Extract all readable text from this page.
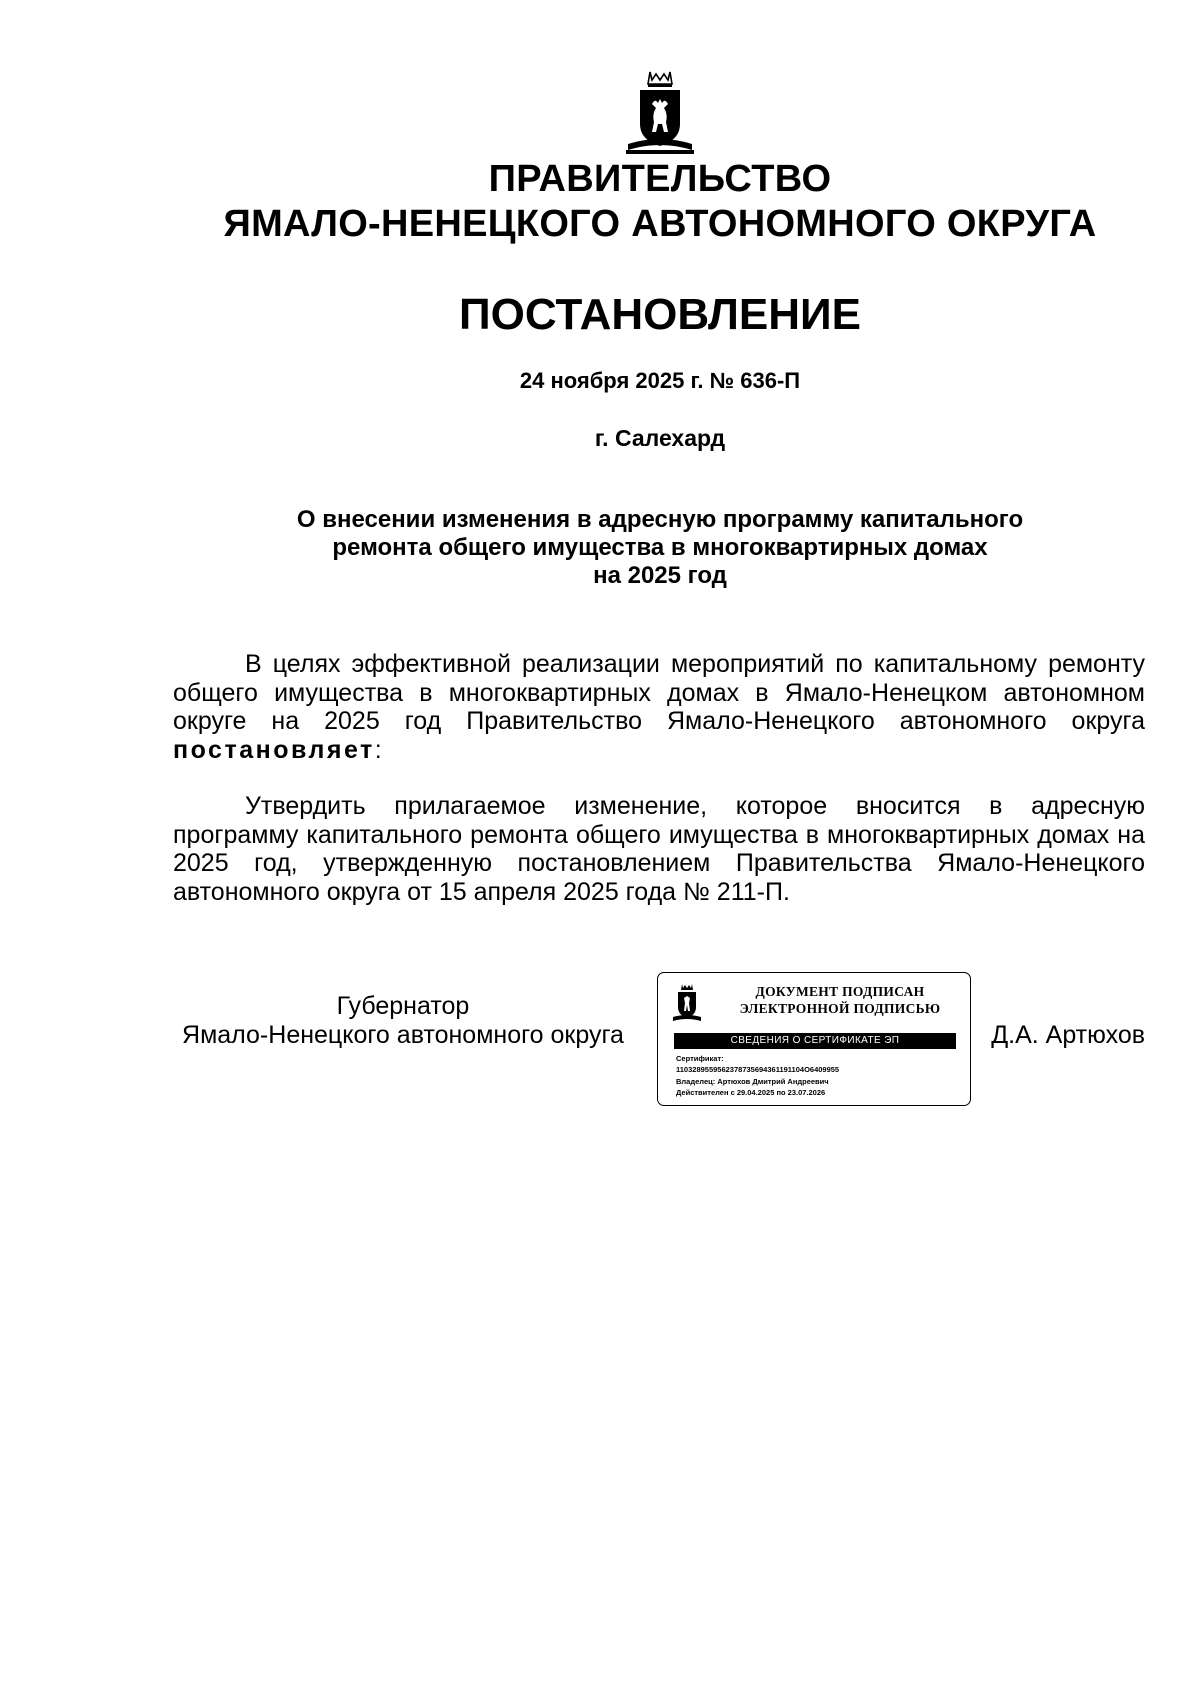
ПРАВИТЕЛЬСТВО
ЯМАЛО-НЕНЕЦКОГО АВТОНОМНОГО ОКРУГА
ПОСТАНОВЛЕНИЕ
24 ноября 2025 г. № 636-П
г. Салехард
О внесении изменения в адресную программу капитального
ремонта общего имущества в многоквартирных домах
на 2025 год
В целях эффективной реализации мероприятий по капитальному ремонту общего имущества в многоквартирных домах в Ямало-Ненецком автономном округе на 2025 год Правительство Ямало-Ненецкого автономного округа постановляет:
Утвердить прилагаемое изменение, которое вносится в адресную программу капитального ремонта общего имущества в многоквартирных домах на 2025 год, утвержденную постановлением Правительства Ямало-Ненецкого автономного округа от 15 апреля 2025 года № 211-П.
Губернатор
Ямало-Ненецкого автономного округа
ДОКУМЕНТ ПОДПИСАН
ЭЛЕКТРОННОЙ ПОДПИСЬЮ
СВЕДЕНИЯ О СЕРТИФИКАТЕ ЭП
Сертификат:
1103289559562378735694361191104O6409955
Владелец: Артюхов Дмитрий Андреевич
Действителен с 29.04.2025 по 23.07.2026
Д.А. Артюхов
